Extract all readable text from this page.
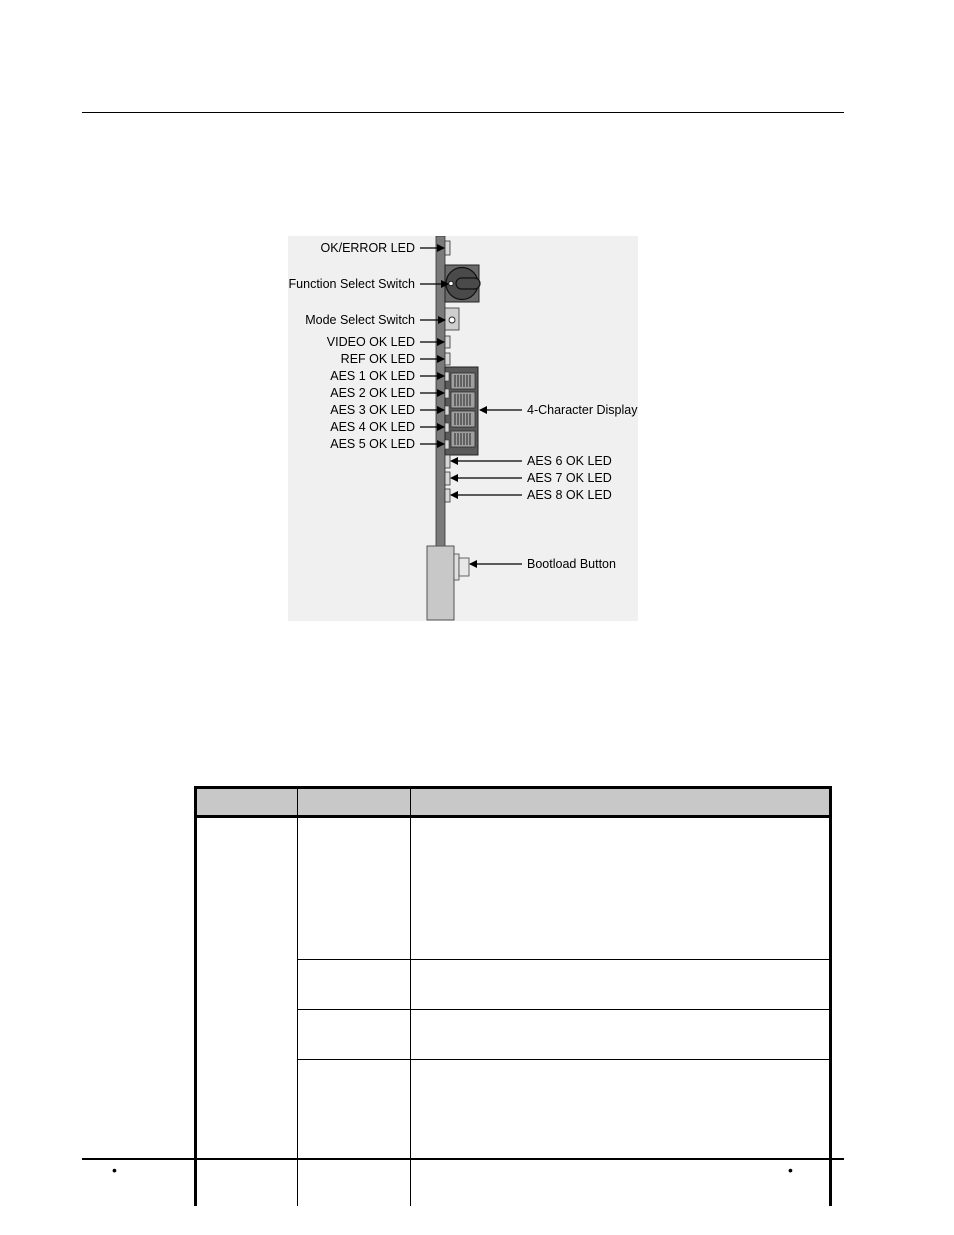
OK/ERROR LED
Function Select Switch
Mode Select Switch
VIDEO OK LED
REF OK LED
AES 1 OK LED
AES 2 OK LED
AES 3 OK LED
AES 4 OK LED
AES 5 OK LED
4-Character Display
AES 6 OK LED
AES 7 OK LED
AES 8 OK LED
Bootload Button
•	•
